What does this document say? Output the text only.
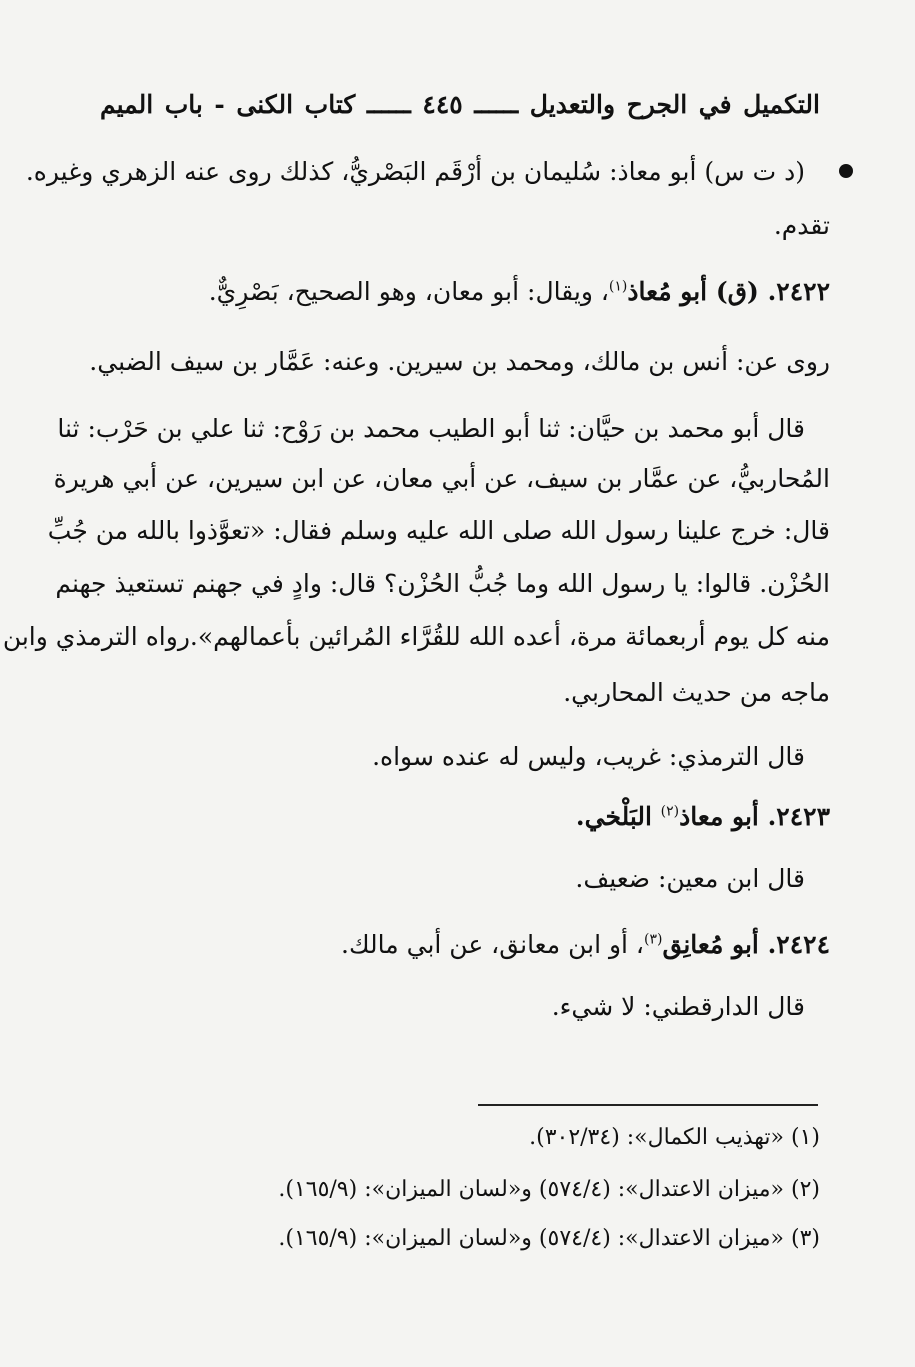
التكميل في الجرح والتعديل ــــــ ٤٤٥ ــــــ كتاب الكنى - باب الميم
(د ت س) أبو معاذ: سُليمان بن أرْقَم البَصْريُّ، كذلك روى عنه الزهري وغيره.
تقدم.
٢٤٢٢. (ق) أبو مُعاذ$^{(١)}$، ويقال: أبو معان، وهو الصحيح، بَصْرِيٌّ.
روى عن: أنس بن مالك، ومحمد بن سيرين. وعنه: عَمَّار بن سيف الضبي.
قال أبو محمد بن حيَّان: ثنا أبو الطيب محمد بن رَوْح: ثنا علي بن حَرْب: ثنا
المُحاربيُّ، عن عمَّار بن سيف، عن أبي معان، عن ابن سيرين، عن أبي هريرة
قال: خرج علينا رسول الله صلى الله عليه وسلم فقال: «تعوَّذوا بالله من جُبِّ
الحُزْن. قالوا: يا رسول الله وما جُبُّ الحُزْن؟ قال: وادٍ في جهنم تستعيذ جهنم
منه كل يوم أربعمائة مرة، أعده الله للقُرَّاء المُرائين بأعمالهم».رواه الترمذي وابن
ماجه من حديث المحاربي.
قال الترمذي: غريب، وليس له عنده سواه.
٢٤٢٣. أبو معاذ$^{(٢)}$ البَلْخي.
قال ابن معين: ضعيف.
٢٤٢٤. أبو مُعانِق$^{(٣)}$، أو ابن معانق، عن أبي مالك.
قال الدارقطني: لا شيء.
(١) «تهذيب الكمال»: (٣٠٢/٣٤).
(٢) «ميزان الاعتدال»: (٥٧٤/٤) و«لسان الميزان»: (١٦٥/٩).
(٣) «ميزان الاعتدال»: (٥٧٤/٤) و«لسان الميزان»: (١٦٥/٩).
